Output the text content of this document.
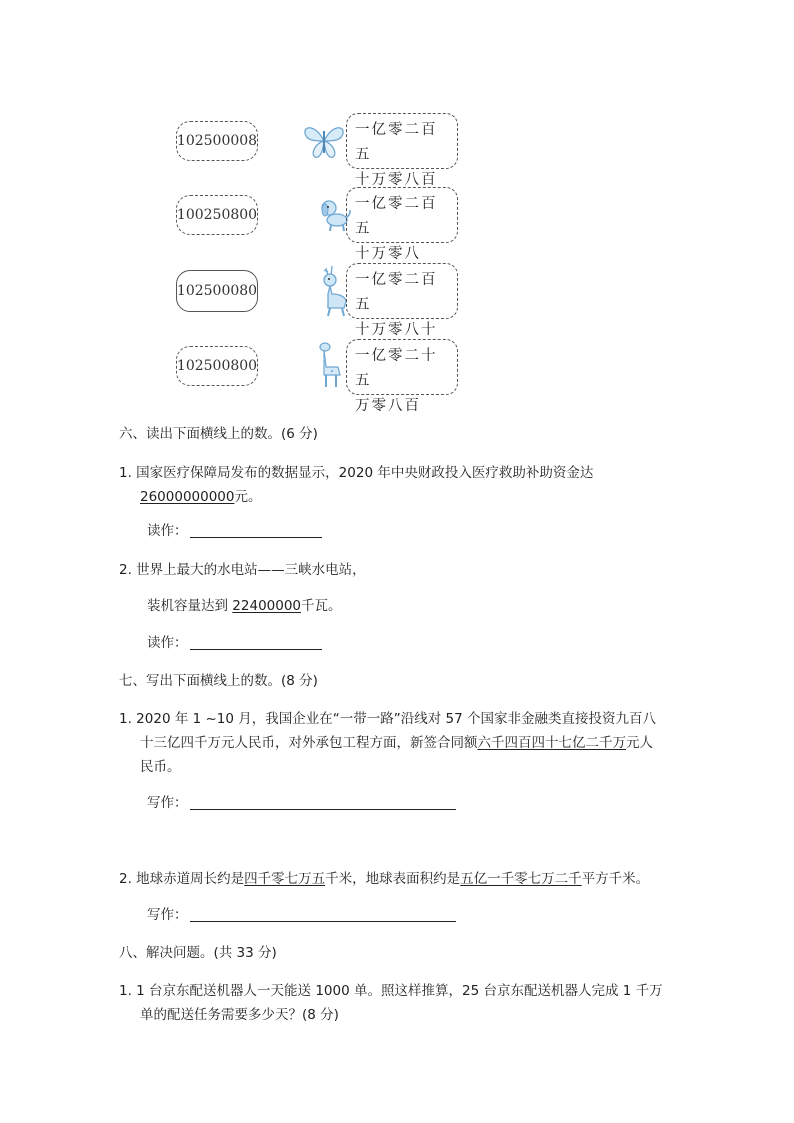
102500008
100250800
102500080
102500800
一亿零二百五
十万零八百
一亿零二百五
十万零八
一亿零二百五
十万零八十
一亿零二十五
万零八百
六、读出下面横线上的数。(6 分)
1. 国家医疗保障局发布的数据显示，2020 年中央财政投入医疗救助补助资金达
26000000000元。
读作：
2. 世界上最大的水电站——三峡水电站，
装机容量达到 22400000千瓦。
读作：
七、写出下面横线上的数。(8 分)
1. 2020 年 1 ~10 月，我国企业在“一带一路”沿线对 57 个国家非金融类直接投资九百八
十三亿四千万元人民币，对外承包工程方面，新签合同额六千四百四十七亿二千万元人
民币。
写作：
2. 地球赤道周长约是四千零七万五千米，地球表面积约是五亿一千零七万二千平方千米。
写作：
八、解决问题。(共 33 分)
1. 1 台京东配送机器人一天能送 1000 单。照这样推算，25 台京东配送机器人完成 1 千万
单的配送任务需要多少天？(8 分)
